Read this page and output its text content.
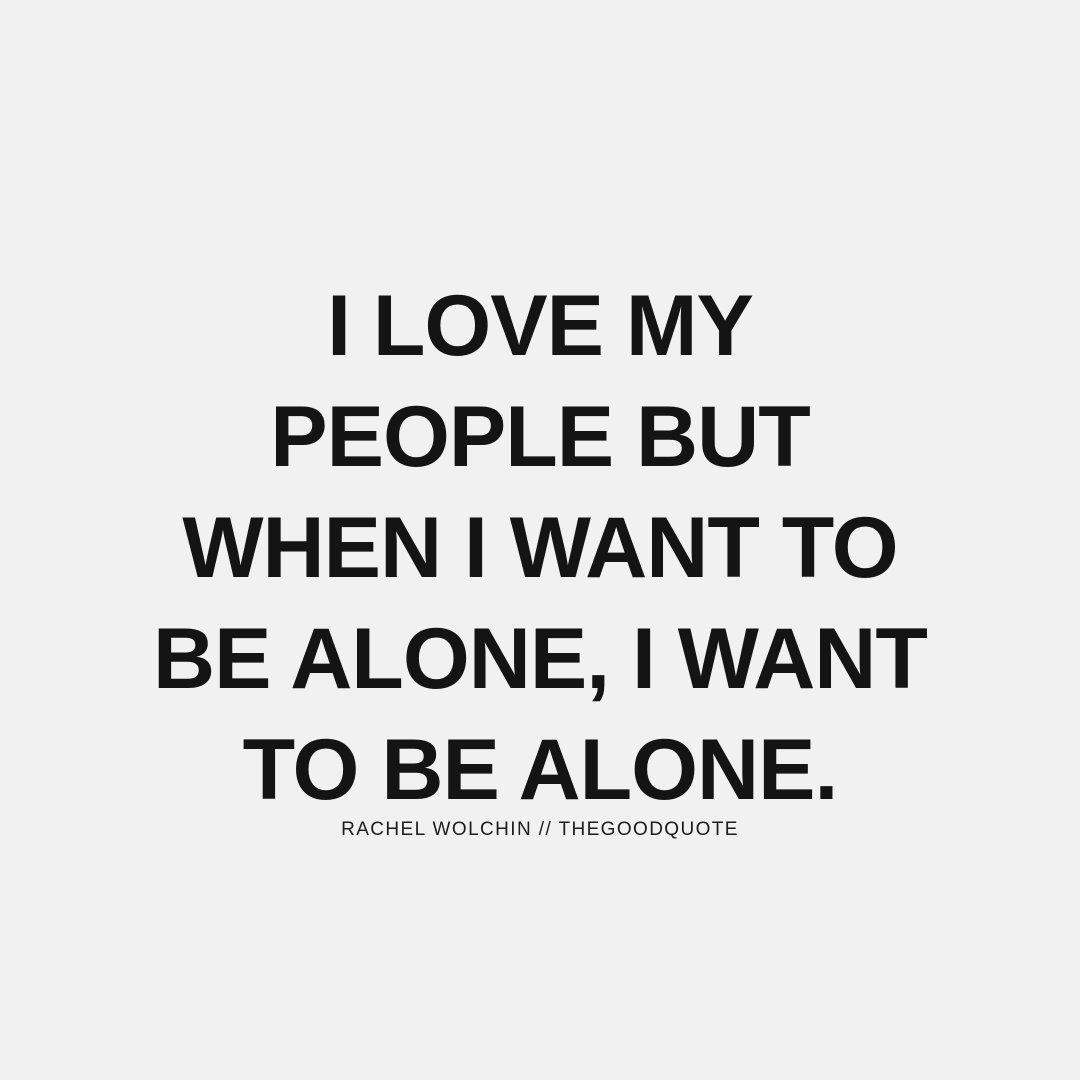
I LOVE MY
PEOPLE BUT
WHEN I WANT TO
BE ALONE, I WANT
TO BE ALONE.
RACHEL WOLCHIN // THEGOODQUOTE
